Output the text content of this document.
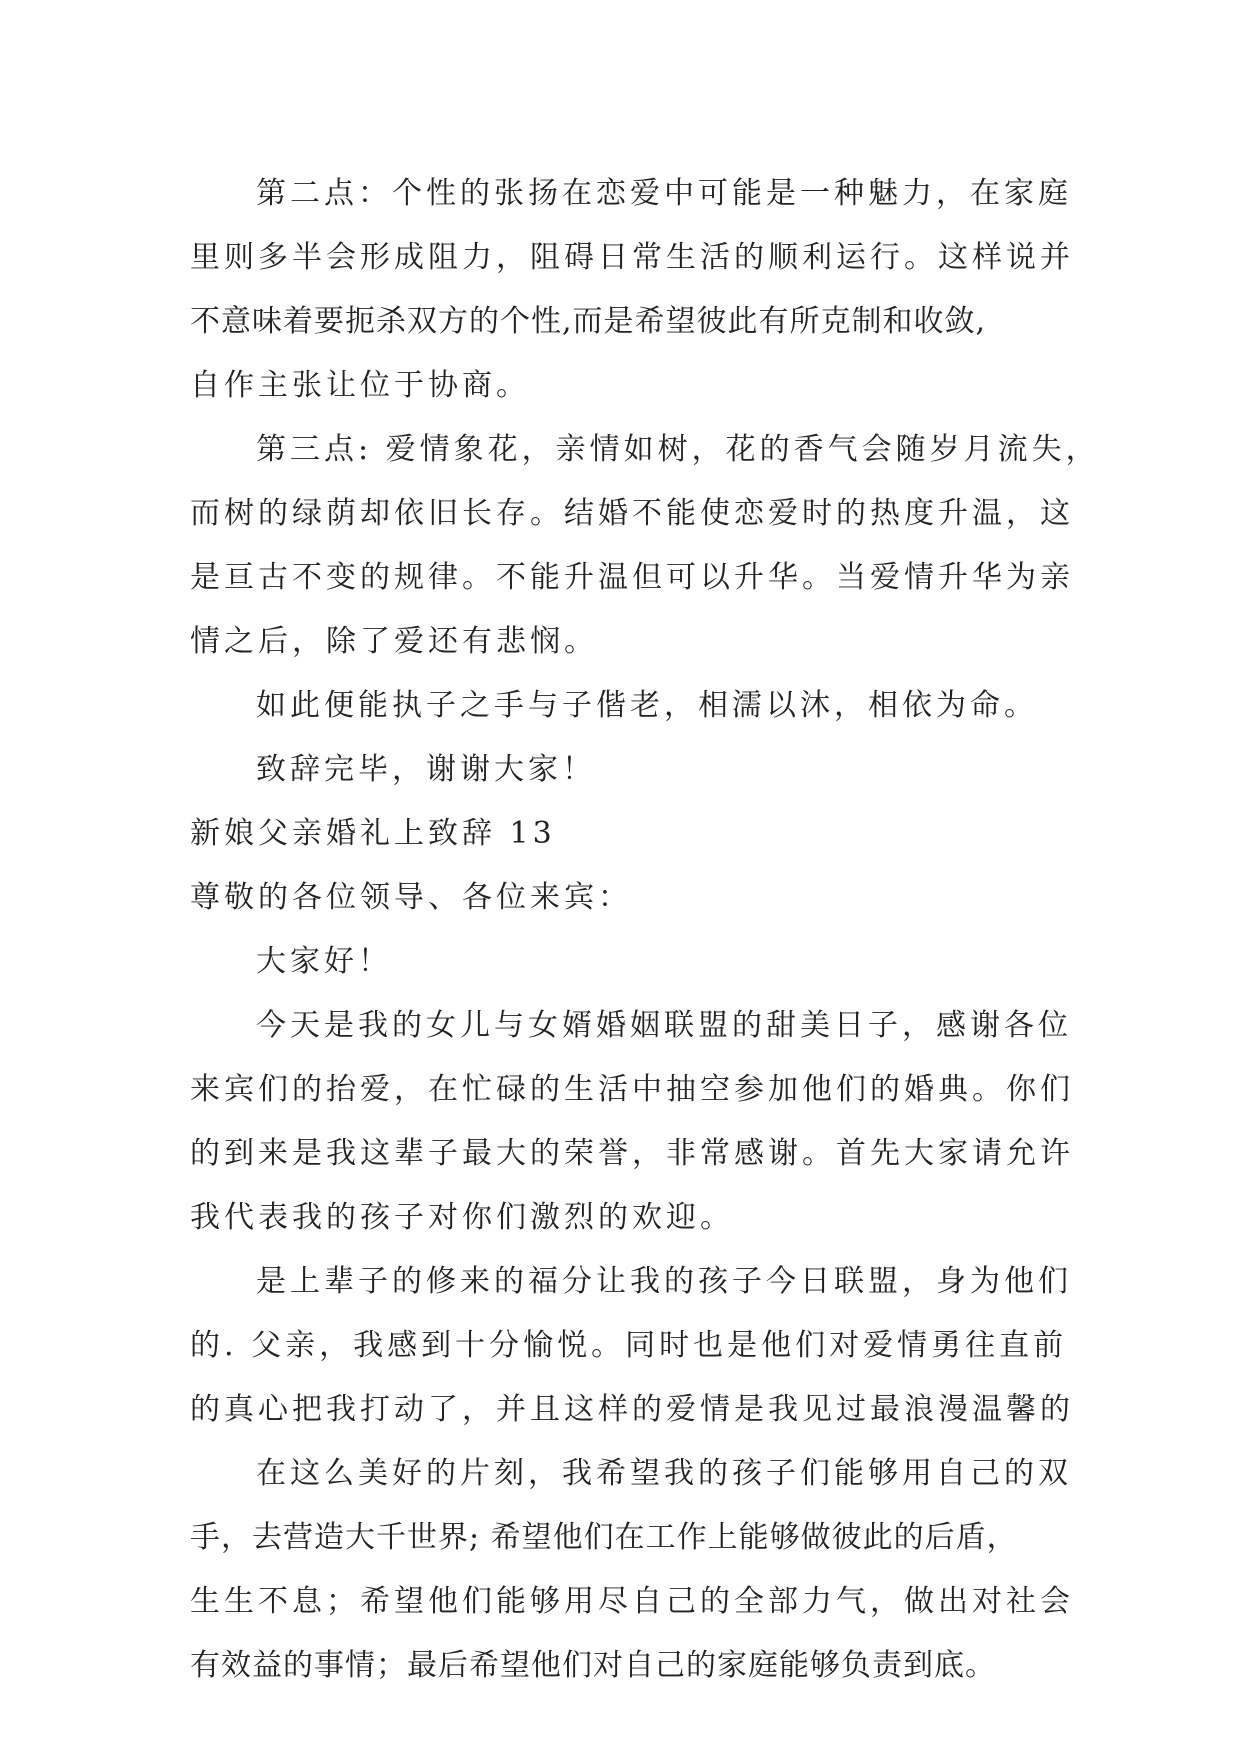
第二点：个性的张扬在恋爱中可能是一种魅力，在家庭
里则多半会形成阻力，阻碍日常生活的顺利运行。这样说并
不意味着要扼杀双方的个性,而是希望彼此有所克制和收敛,
自作主张让位于协商。
第三点: 爱情象花，亲情如树，花的香气会随岁月流失，
而树的绿荫却依旧长存。结婚不能使恋爱时的热度升温，这
是亘古不变的规律。不能升温但可以升华。当爱情升华为亲
情之后，除了爱还有悲悯。
如此便能执子之手与子偕老，相濡以沐，相依为命。
致辞完毕，谢谢大家！
新娘父亲婚礼上致辞 13
尊敬的各位领导、各位来宾：
大家好！
今天是我的女儿与女婿婚姻联盟的甜美日子，感谢各位
来宾们的抬爱，在忙碌的生活中抽空参加他们的婚典。你们
的到来是我这辈子最大的荣誉，非常感谢。首先大家请允许
我代表我的孩子对你们激烈的欢迎。
是上辈子的修来的福分让我的孩子今日联盟，身为他们
的. 父亲，我感到十分愉悦。同时也是他们对爱情勇往直前
的真心把我打动了，并且这样的爱情是我见过最浪漫温馨的
在这么美好的片刻，我希望我的孩子们能够用自己的双
手，去营造大千世界; 希望他们在工作上能够做彼此的后盾，
生生不息；希望他们能够用尽自己的全部力气，做出对社会
有效益的事情；最后希望他们对自己的家庭能够负责到底。
